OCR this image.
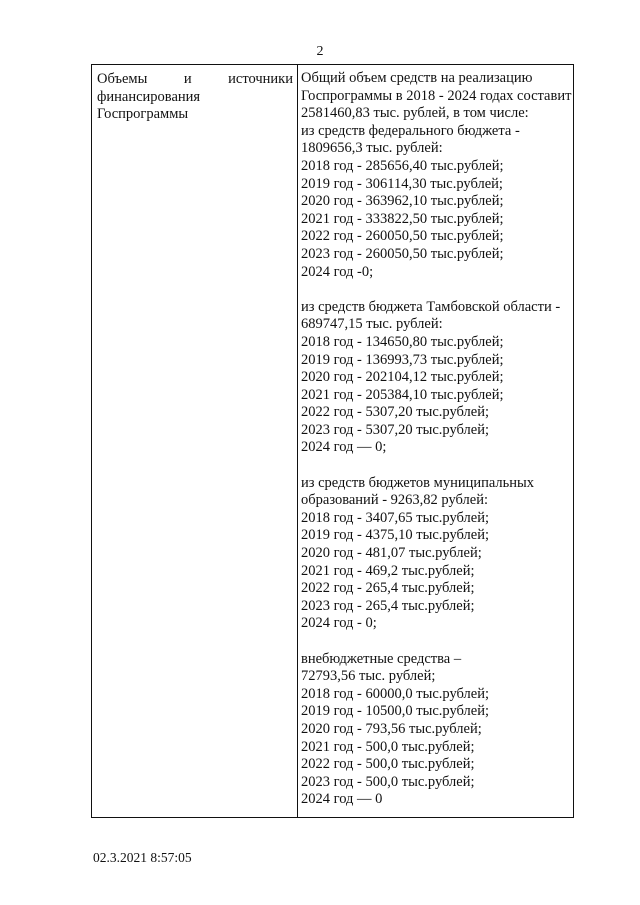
2
Объемы	и	источники
финансирования
Госпрограммы
Общий объем средств на реализацию
Госпрограммы в 2018 - 2024 годах составит
2581460,83 тыс. рублей, в том числе:
из средств федерального бюджета -
1809656,3 тыс. рублей:
2018 год - 285656,40 тыс.рублей;
2019 год - 306114,30 тыс.рублей;
2020 год - 363962,10 тыс.рублей;
2021 год - 333822,50 тыс.рублей;
2022 год - 260050,50 тыс.рублей;
2023 год - 260050,50 тыс.рублей;
2024 год -0;
из средств бюджета Тамбовской области -
689747,15 тыс. рублей:
2018 год - 134650,80 тыс.рублей;
2019 год - 136993,73 тыс.рублей;
2020 год - 202104,12 тыс.рублей;
2021 год - 205384,10 тыс.рублей;
2022 год - 5307,20 тыс.рублей;
2023 год - 5307,20 тыс.рублей;
2024 год — 0;
из средств бюджетов муниципальных
образований - 9263,82 рублей:
2018 год - 3407,65 тыс.рублей;
2019 год - 4375,10 тыс.рублей;
2020 год - 481,07 тыс.рублей;
2021 год - 469,2 тыс.рублей;
2022 год - 265,4 тыс.рублей;
2023 год - 265,4 тыс.рублей;
2024 год - 0;
внебюджетные средства –
72793,56 тыс. рублей;
2018 год - 60000,0 тыс.рублей;
2019 год - 10500,0 тыс.рублей;
2020 год - 793,56 тыс.рублей;
2021 год - 500,0 тыс.рублей;
2022 год - 500,0 тыс.рублей;
2023 год - 500,0 тыс.рублей;
2024 год — 0
02.3.2021 8:57:05
